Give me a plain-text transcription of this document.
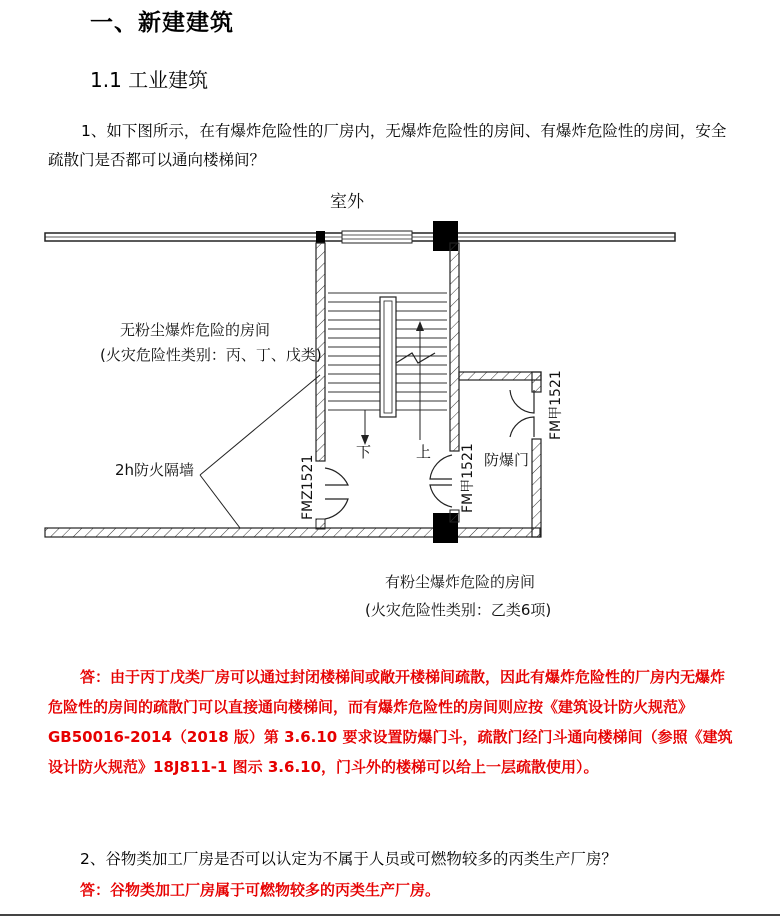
一、新建建筑
1.1 工业建筑
1、如下图所示，在有爆炸危险性的厂房内，无爆炸危险性的房间、有爆炸危险性的房间，安全疏散门是否都可以通向楼梯间？
室外
下	上
无粉尘爆炸危险的房间
(火灾危险性类别：丙、丁、戊类)
2h防火隔墙	FMZ1521	FM甲1521
FM甲1521
防爆门
有粉尘爆炸危险的房间
(火灾危险性类别：乙类6项)
答：由于丙丁戊类厂房可以通过封闭楼梯间或敞开楼梯间疏散，因此有爆炸危险性的厂房内无爆炸危险性的房间的疏散门可以直接通向楼梯间，而有爆炸危险性的房间则应按《建筑设计防火规范》GB50016-2014（2018 版）第 3.6.10 要求设置防爆门斗，疏散门经门斗通向楼梯间（参照《建筑设计防火规范》18J811-1 图示 3.6.10，门斗外的楼梯可以给上一层疏散使用）。
2、谷物类加工厂房是否可以认定为不属于人员或可燃物较多的丙类生产厂房？
答：谷物类加工厂房属于可燃物较多的丙类生产厂房。
